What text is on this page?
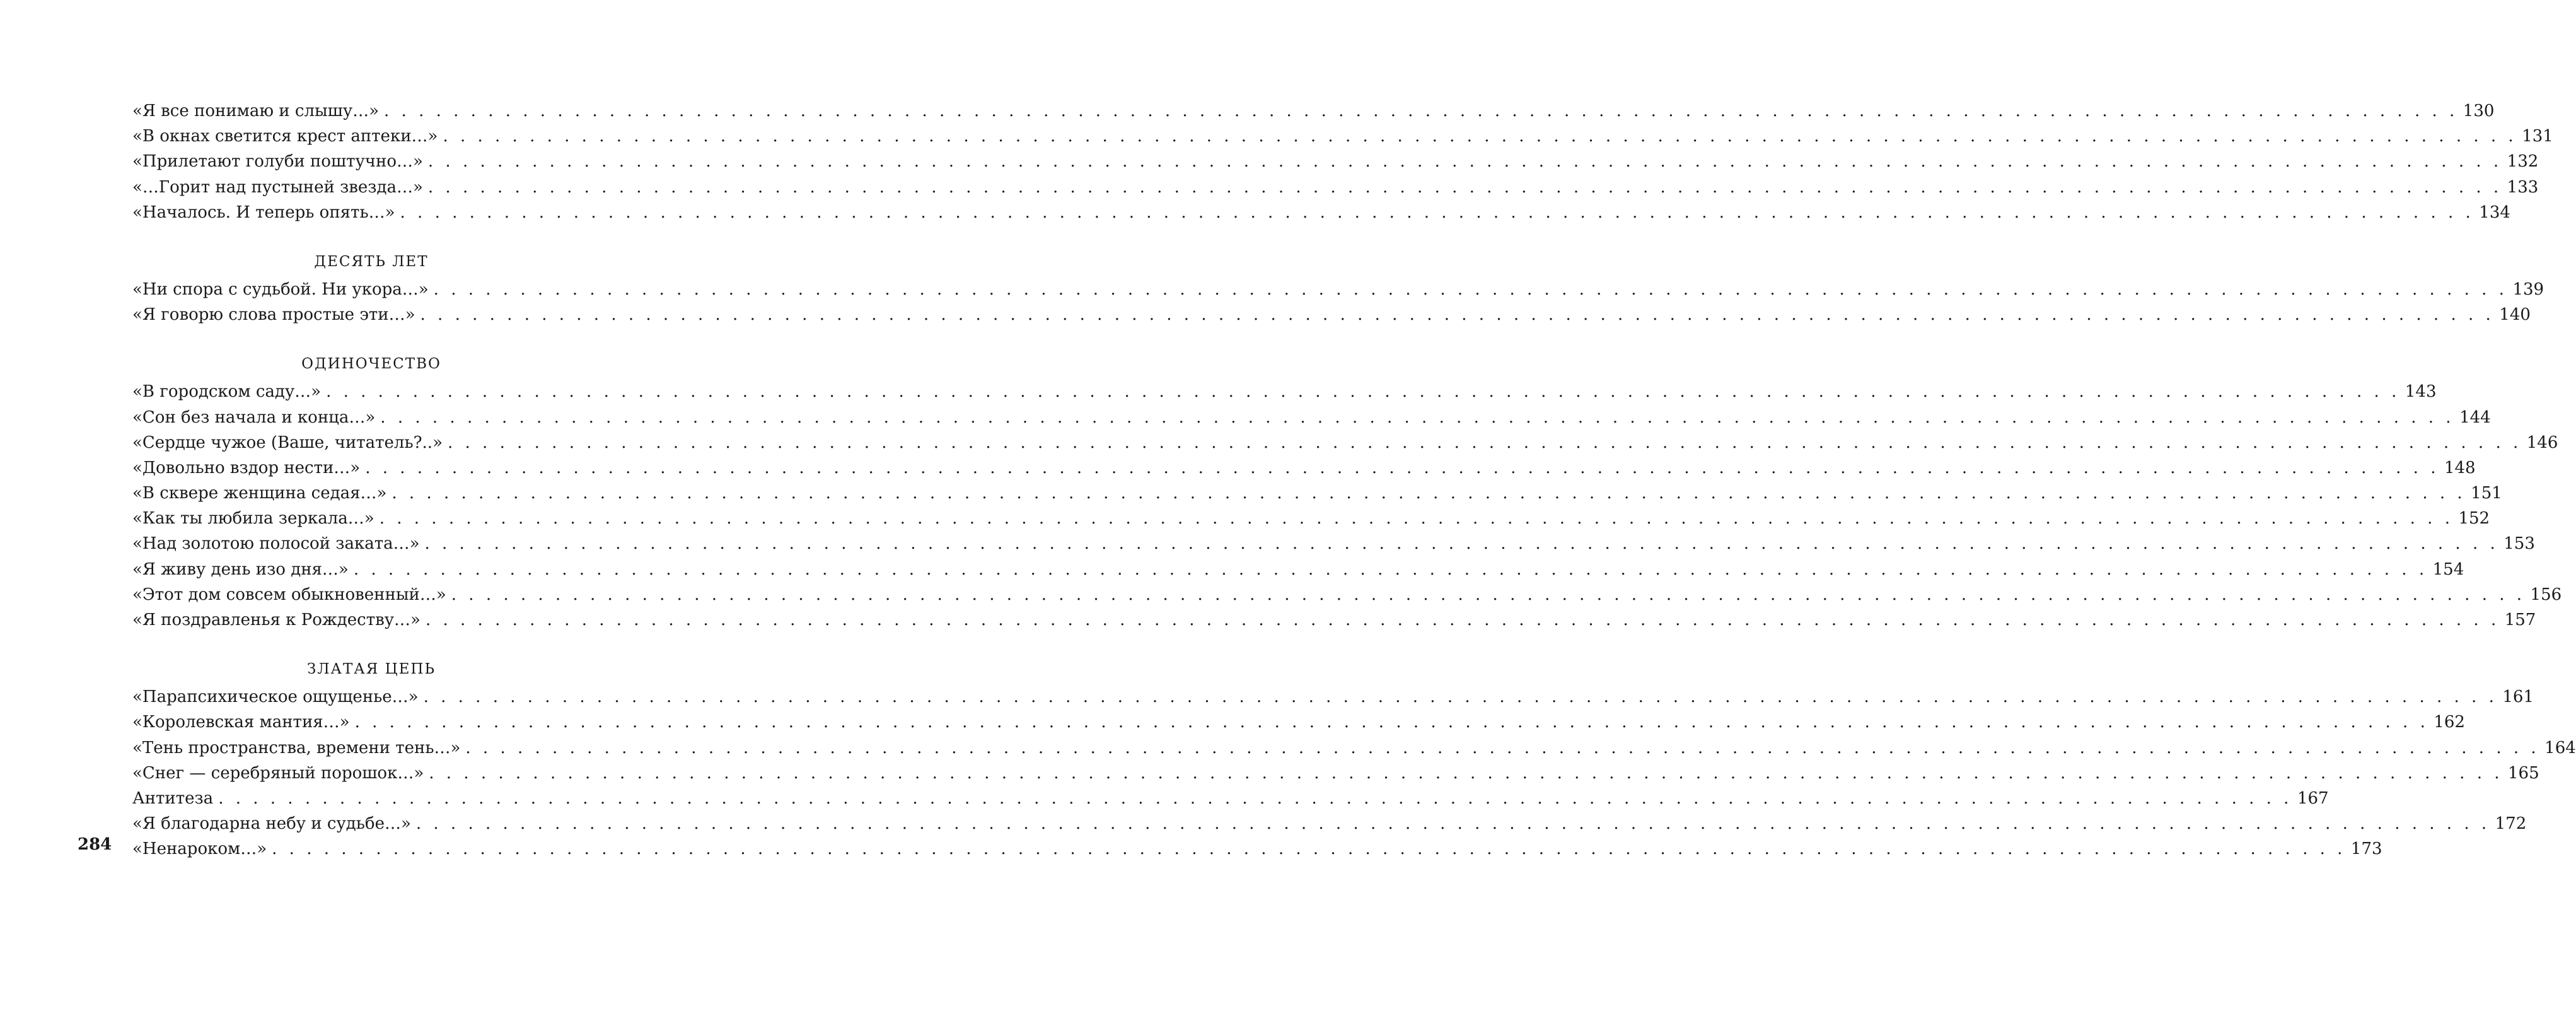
«Я все понимаю и слышу…» . . . . . . . . . . . . . . . . . . . . . . . . . . . . . . . . . . . . . . . . . . . . . . . . . . . . . . . . . . . . . . . . . . . . . . . . . . . . . . . . . . . . . . . . . . . . . . . . . . . . . . . . . . . . . . . . . . . . . . . . 130
«В окнах светится крест аптеки…» . . . . . . . . . . . . . . . . . . . . . . . . . . . . . . . . . . . . . . . . . . . . . . . . . . . . . . . . . . . . . . . . . . . . . . . . . . . . . . . . . . . . . . . . . . . . . . . . . . . . . . . . . . . . . . . . . . . . . . . . 131
«Прилетают голуби поштучно…» . . . . . . . . . . . . . . . . . . . . . . . . . . . . . . . . . . . . . . . . . . . . . . . . . . . . . . . . . . . . . . . . . . . . . . . . . . . . . . . . . . . . . . . . . . . . . . . . . . . . . . . . . . . . . . . . . . . . . . . . 132
«…Горит над пустыней звезда…» . . . . . . . . . . . . . . . . . . . . . . . . . . . . . . . . . . . . . . . . . . . . . . . . . . . . . . . . . . . . . . . . . . . . . . . . . . . . . . . . . . . . . . . . . . . . . . . . . . . . . . . . . . . . . . . . . . . . . . . . 133
«Началось. И теперь опять…» . . . . . . . . . . . . . . . . . . . . . . . . . . . . . . . . . . . . . . . . . . . . . . . . . . . . . . . . . . . . . . . . . . . . . . . . . . . . . . . . . . . . . . . . . . . . . . . . . . . . . . . . . . . . . . . . . . . . . . . . 134
ДЕСЯТЬ ЛЕТ
«Ни спора с судьбой. Ни укора…» . . . . . . . . . . . . . . . . . . . . . . . . . . . . . . . . . . . . . . . . . . . . . . . . . . . . . . . . . . . . . . . . . . . . . . . . . . . . . . . . . . . . . . . . . . . . . . . . . . . . . . . . . . . . . . . . . . . . . . . . 139
«Я говорю слова простые эти…» . . . . . . . . . . . . . . . . . . . . . . . . . . . . . . . . . . . . . . . . . . . . . . . . . . . . . . . . . . . . . . . . . . . . . . . . . . . . . . . . . . . . . . . . . . . . . . . . . . . . . . . . . . . . . . . . . . . . . . . . 140
ОДИНОЧЕСТВО
«В городском саду…» . . . . . . . . . . . . . . . . . . . . . . . . . . . . . . . . . . . . . . . . . . . . . . . . . . . . . . . . . . . . . . . . . . . . . . . . . . . . . . . . . . . . . . . . . . . . . . . . . . . . . . . . . . . . . . . . . . . . . . . . 143
«Сон без начала и конца…» . . . . . . . . . . . . . . . . . . . . . . . . . . . . . . . . . . . . . . . . . . . . . . . . . . . . . . . . . . . . . . . . . . . . . . . . . . . . . . . . . . . . . . . . . . . . . . . . . . . . . . . . . . . . . . . . . . . . . . . . 144
«Сердце чужое (Ваше, читатель?..» . . . . . . . . . . . . . . . . . . . . . . . . . . . . . . . . . . . . . . . . . . . . . . . . . . . . . . . . . . . . . . . . . . . . . . . . . . . . . . . . . . . . . . . . . . . . . . . . . . . . . . . . . . . . . . . . . . . . . . . . 146
«Довольно вздор нести…» . . . . . . . . . . . . . . . . . . . . . . . . . . . . . . . . . . . . . . . . . . . . . . . . . . . . . . . . . . . . . . . . . . . . . . . . . . . . . . . . . . . . . . . . . . . . . . . . . . . . . . . . . . . . . . . . . . . . . . . . 148
«В сквере женщина седая…» . . . . . . . . . . . . . . . . . . . . . . . . . . . . . . . . . . . . . . . . . . . . . . . . . . . . . . . . . . . . . . . . . . . . . . . . . . . . . . . . . . . . . . . . . . . . . . . . . . . . . . . . . . . . . . . . . . . . . . . . 151
«Как ты любила зеркала…» . . . . . . . . . . . . . . . . . . . . . . . . . . . . . . . . . . . . . . . . . . . . . . . . . . . . . . . . . . . . . . . . . . . . . . . . . . . . . . . . . . . . . . . . . . . . . . . . . . . . . . . . . . . . . . . . . . . . . . . . 152
«Над золотою полосой заката…» . . . . . . . . . . . . . . . . . . . . . . . . . . . . . . . . . . . . . . . . . . . . . . . . . . . . . . . . . . . . . . . . . . . . . . . . . . . . . . . . . . . . . . . . . . . . . . . . . . . . . . . . . . . . . . . . . . . . . . . . 153
«Я живу день изо дня…» . . . . . . . . . . . . . . . . . . . . . . . . . . . . . . . . . . . . . . . . . . . . . . . . . . . . . . . . . . . . . . . . . . . . . . . . . . . . . . . . . . . . . . . . . . . . . . . . . . . . . . . . . . . . . . . . . . . . . . . . 154
«Этот дом совсем обыкновенный…» . . . . . . . . . . . . . . . . . . . . . . . . . . . . . . . . . . . . . . . . . . . . . . . . . . . . . . . . . . . . . . . . . . . . . . . . . . . . . . . . . . . . . . . . . . . . . . . . . . . . . . . . . . . . . . . . . . . . . . . . 156
«Я поздравленья к Рождеству…» . . . . . . . . . . . . . . . . . . . . . . . . . . . . . . . . . . . . . . . . . . . . . . . . . . . . . . . . . . . . . . . . . . . . . . . . . . . . . . . . . . . . . . . . . . . . . . . . . . . . . . . . . . . . . . . . . . . . . . . . 157
ЗЛАТАЯ ЦЕПЬ
«Парапсихическое ощущенье…» . . . . . . . . . . . . . . . . . . . . . . . . . . . . . . . . . . . . . . . . . . . . . . . . . . . . . . . . . . . . . . . . . . . . . . . . . . . . . . . . . . . . . . . . . . . . . . . . . . . . . . . . . . . . . . . . . . . . . . . . 161
«Королевская мантия…» . . . . . . . . . . . . . . . . . . . . . . . . . . . . . . . . . . . . . . . . . . . . . . . . . . . . . . . . . . . . . . . . . . . . . . . . . . . . . . . . . . . . . . . . . . . . . . . . . . . . . . . . . . . . . . . . . . . . . . . . 162
«Тень пространства, времени тень…» . . . . . . . . . . . . . . . . . . . . . . . . . . . . . . . . . . . . . . . . . . . . . . . . . . . . . . . . . . . . . . . . . . . . . . . . . . . . . . . . . . . . . . . . . . . . . . . . . . . . . . . . . . . . . . . . . . . . . . . . 164
«Снег — серебряный порошок…» . . . . . . . . . . . . . . . . . . . . . . . . . . . . . . . . . . . . . . . . . . . . . . . . . . . . . . . . . . . . . . . . . . . . . . . . . . . . . . . . . . . . . . . . . . . . . . . . . . . . . . . . . . . . . . . . . . . . . . . . 165
Антитеза . . . . . . . . . . . . . . . . . . . . . . . . . . . . . . . . . . . . . . . . . . . . . . . . . . . . . . . . . . . . . . . . . . . . . . . . . . . . . . . . . . . . . . . . . . . . . . . . . . . . . . . . . . . . . . . . . . . . . . . . 167
«Я благодарна небу и судьбе…» . . . . . . . . . . . . . . . . . . . . . . . . . . . . . . . . . . . . . . . . . . . . . . . . . . . . . . . . . . . . . . . . . . . . . . . . . . . . . . . . . . . . . . . . . . . . . . . . . . . . . . . . . . . . . . . . . . . . . . . . 172
«Ненароком…» . . . . . . . . . . . . . . . . . . . . . . . . . . . . . . . . . . . . . . . . . . . . . . . . . . . . . . . . . . . . . . . . . . . . . . . . . . . . . . . . . . . . . . . . . . . . . . . . . . . . . . . . . . . . . . . . . . . . . . . . 173
284
